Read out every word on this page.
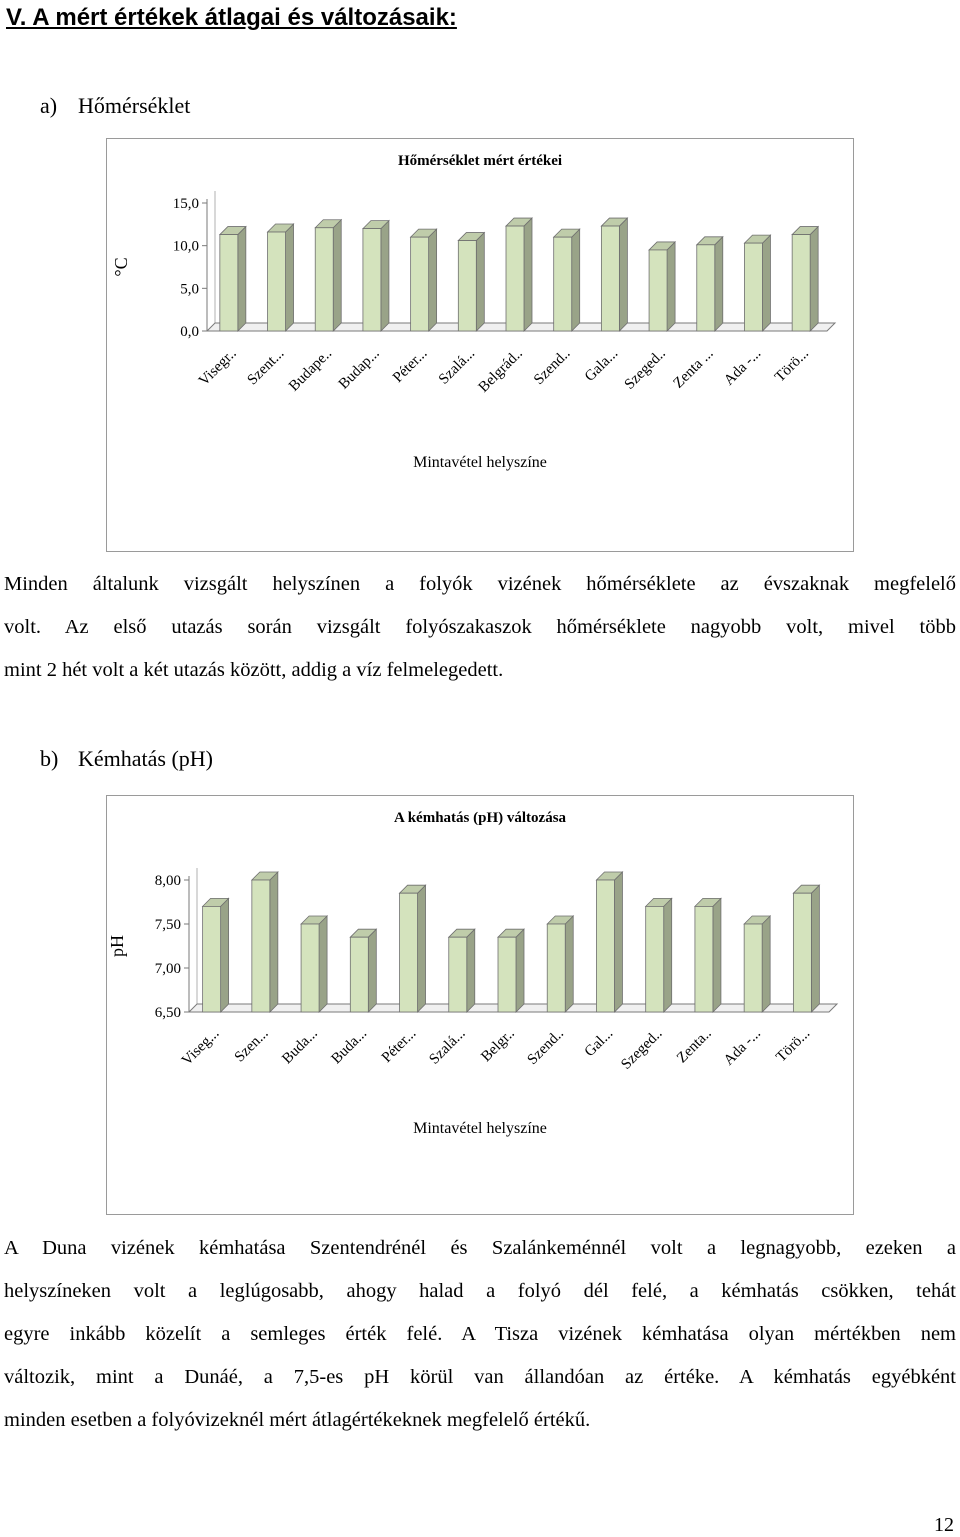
V. A mért értékek átlagai és változásaik:
a) Hőmérséklet
Hőmérséklet mért értékei
0,0
5,0
10,0
15,0
°C
Visegr.. Szent...
Budape.. Budap... Péter... Szalá...
Belgrád.. Szend.. Gala... Szeged.. Zenta ... Ada -... Törö...
Mintavétel helyszíne

Minden általunk vizsgált helyszínen a folyók vizének hőmérséklete az évszaknak megfelelő
volt. Az első utazás során vizsgált folyószakaszok hőmérséklete nagyobb volt, mivel több
mint 2 hét volt a két utazás között, addig a víz felmelegedett.

b) Kémhatás (pH)
A kémhatás (pH) változása
6,50
7,00
7,50
8,00
pH
Viseg... Szen... Buda... Buda... Péter... Szalá... Belgr.. Szend.. Gal... Szeged.. Zenta.. Ada -... Törö...
Mintavétel helyszíne

A Duna vizének kémhatása Szentendrénél és Szalánkeménnél volt a legnagyobb, ezeken a
helyszíneken volt a leglúgosabb, ahogy halad a folyó dél felé, a kémhatás csökken, tehát
egyre inkább közelít a semleges érték felé. A Tisza vizének kémhatása olyan mértékben nem
változik, mint a Dunáé, a 7,5-es pH körül van állandóan az értéke. A kémhatás egyébként
minden esetben a folyóvizeknél mért átlagértékeknek megfelelő értékű.

12
